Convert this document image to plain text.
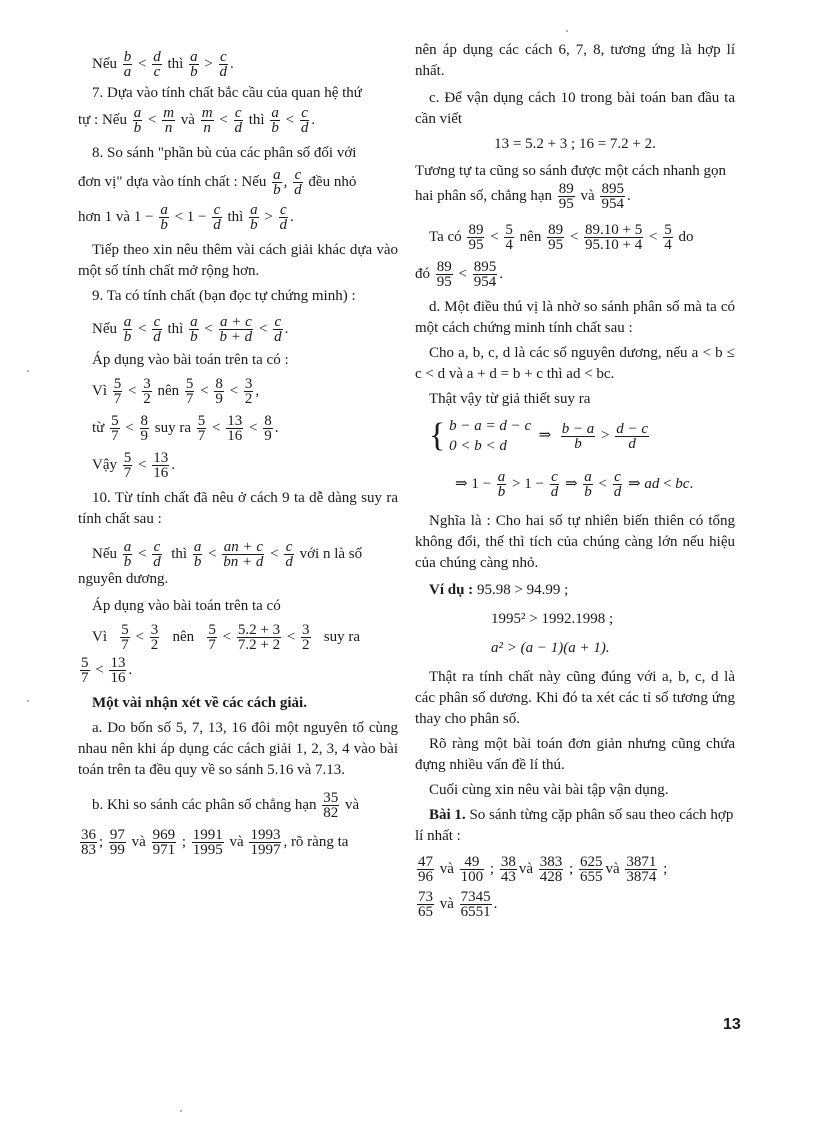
Nếu $\frac{b}{a} < \frac{d}{c}$ thì $\frac{a}{b} > \frac{c}{d}$ .

7. Dựa vào tính chất bắc cầu của quan hệ thứ

tự : Nếu $\frac{a}{b} < \frac{m}{n}$ và $\frac{m}{n} < \frac{c}{d}$ thì $\frac{a}{b} < \frac{c}{d}$ .

8. So sánh "phần bù của các phân số đối với

đơn vị" dựa vào tính chất : Nếu $\frac{a}{b}$ , $\frac{c}{d}$ đều nhỏ
hơn 1 và $1 - \frac{a}{b} < 1 - \frac{c}{d}$ thì $\frac{a}{b} > \frac{c}{d}$ .

Tiếp theo xin nêu thêm vài cách giải khác dựa vào một số tính chất mở rộng hơn.

9. Ta có tính chất (bạn đọc tự chứng minh) :

Nếu $\frac{a}{b} < \frac{c}{d}$ thì $\frac{a}{b} < \frac{a + c}{b + d} < \frac{c}{d}$ .

Áp dụng vào bài toán trên ta có :

Vì $\frac{5}{7} < \frac{3}{2}$ nên $\frac{5}{7} < \frac{8}{9} < \frac{3}{2}$ ,
từ $\frac{5}{7} < \frac{8}{9}$ suy ra $\frac{5}{7} < \frac{13}{16} < \frac{8}{9}$ .
Vậy $\frac{5}{7} < \frac{13}{16}$ .

10. Từ tính chất đã nêu ở cách 9 ta dễ dàng suy ra tính chất sau :

Nếu $\frac{a}{b} < \frac{c}{d}$ thì $\frac{a}{b} < \frac{an + c}{bn + d} < \frac{c}{d}$ với n là số

nguyên dương.

Áp dụng vào bài toán trên ta có

Vì $\frac{5}{7} < \frac{3}{2}$ nên $\frac{5}{7} < \frac{5.2 + 3}{7.2 + 2} < \frac{3}{2}$ suy ra
$\frac{5}{7} < \frac{13}{16}$ .

Một vài nhận xét về các cách giải.

a. Do bốn số 5, 7, 13, 16 đôi một nguyên tố cùng nhau nên khi áp dụng các cách giải 1, 2, 3, 4 vào bài toán trên ta đều quy về so sánh 5.16 và 7.13.

b. Khi so sánh các phân số chẳng hạn $\frac{35}{82}$ và
$\frac{36}{83}$ ; $\frac{97}{99}$ và $\frac{969}{971}$ ; $\frac{1991}{1995}$ và $\frac{1993}{1997}$ , rõ ràng ta

nên áp dụng các cách 6, 7, 8, tương ứng là hợp lí nhất.

c. Để vận dụng cách 10 trong bài toán ban đầu ta cần viết

13 = 5.2 + 3 ; 16 = 7.2 + 2.

Tương tự ta cũng so sánh được một cách nhanh gọn hai phân số, chẳng hạn $\frac{89}{95}$ và $\frac{895}{954}$ .
Ta có $\frac{89}{95} < \frac{5}{4}$ nên $\frac{89}{95} < \frac{89.10 + 5}{95.10 + 4} < \frac{5}{4}$ do
đó $\frac{89}{95} < \frac{895}{954}$ .

d. Một điều thú vị là nhờ so sánh phân số mà ta có một cách chứng minh tính chất sau :

Cho a, b, c, d là các số nguyên dương, nếu a < b ≤ c < d và a + d = b + c thì ad < bc.

Thật vậy từ giả thiết suy ra

{ b − a = d − c
0 < b < d
⇒ $\frac{b - a}{b} > \frac{d - c}{d}$
⇒ $1 - \frac{a}{b} > 1 - \frac{c}{d}$ ⇒ $\frac{a}{b} < \frac{c}{d}$ ⇒ ad < bc.

Nghĩa là : Cho hai số tự nhiên biến thiên có tổng không đổi, thế thì tích của chúng càng lớn nếu hiệu của chúng càng nhỏ.

Ví dụ : 95.98 > 94.99 ;

1995² > 1992.1998 ;

a² > (a − 1)(a + 1).

Thật ra tính chất này cũng đúng với a, b, c, d là các phân số dương. Khi đó ta xét các tỉ số tương ứng thay cho phân số.

Rõ ràng một bài toán đơn giản nhưng cũng chứa đựng nhiều vấn đề lí thú.

Cuối cùng xin nêu vài bài tập vận dụng.

Bài 1. So sánh từng cặp phân số sau theo cách hợp lí nhất :
$\frac{47}{96}$ và $\frac{49}{100}$ ; $\frac{38}{43}$ và $\frac{383}{428}$ ; $\frac{625}{655}$ và $\frac{3871}{3874}$ ;
$\frac{73}{65}$ và $\frac{7345}{6551}$ .
13
